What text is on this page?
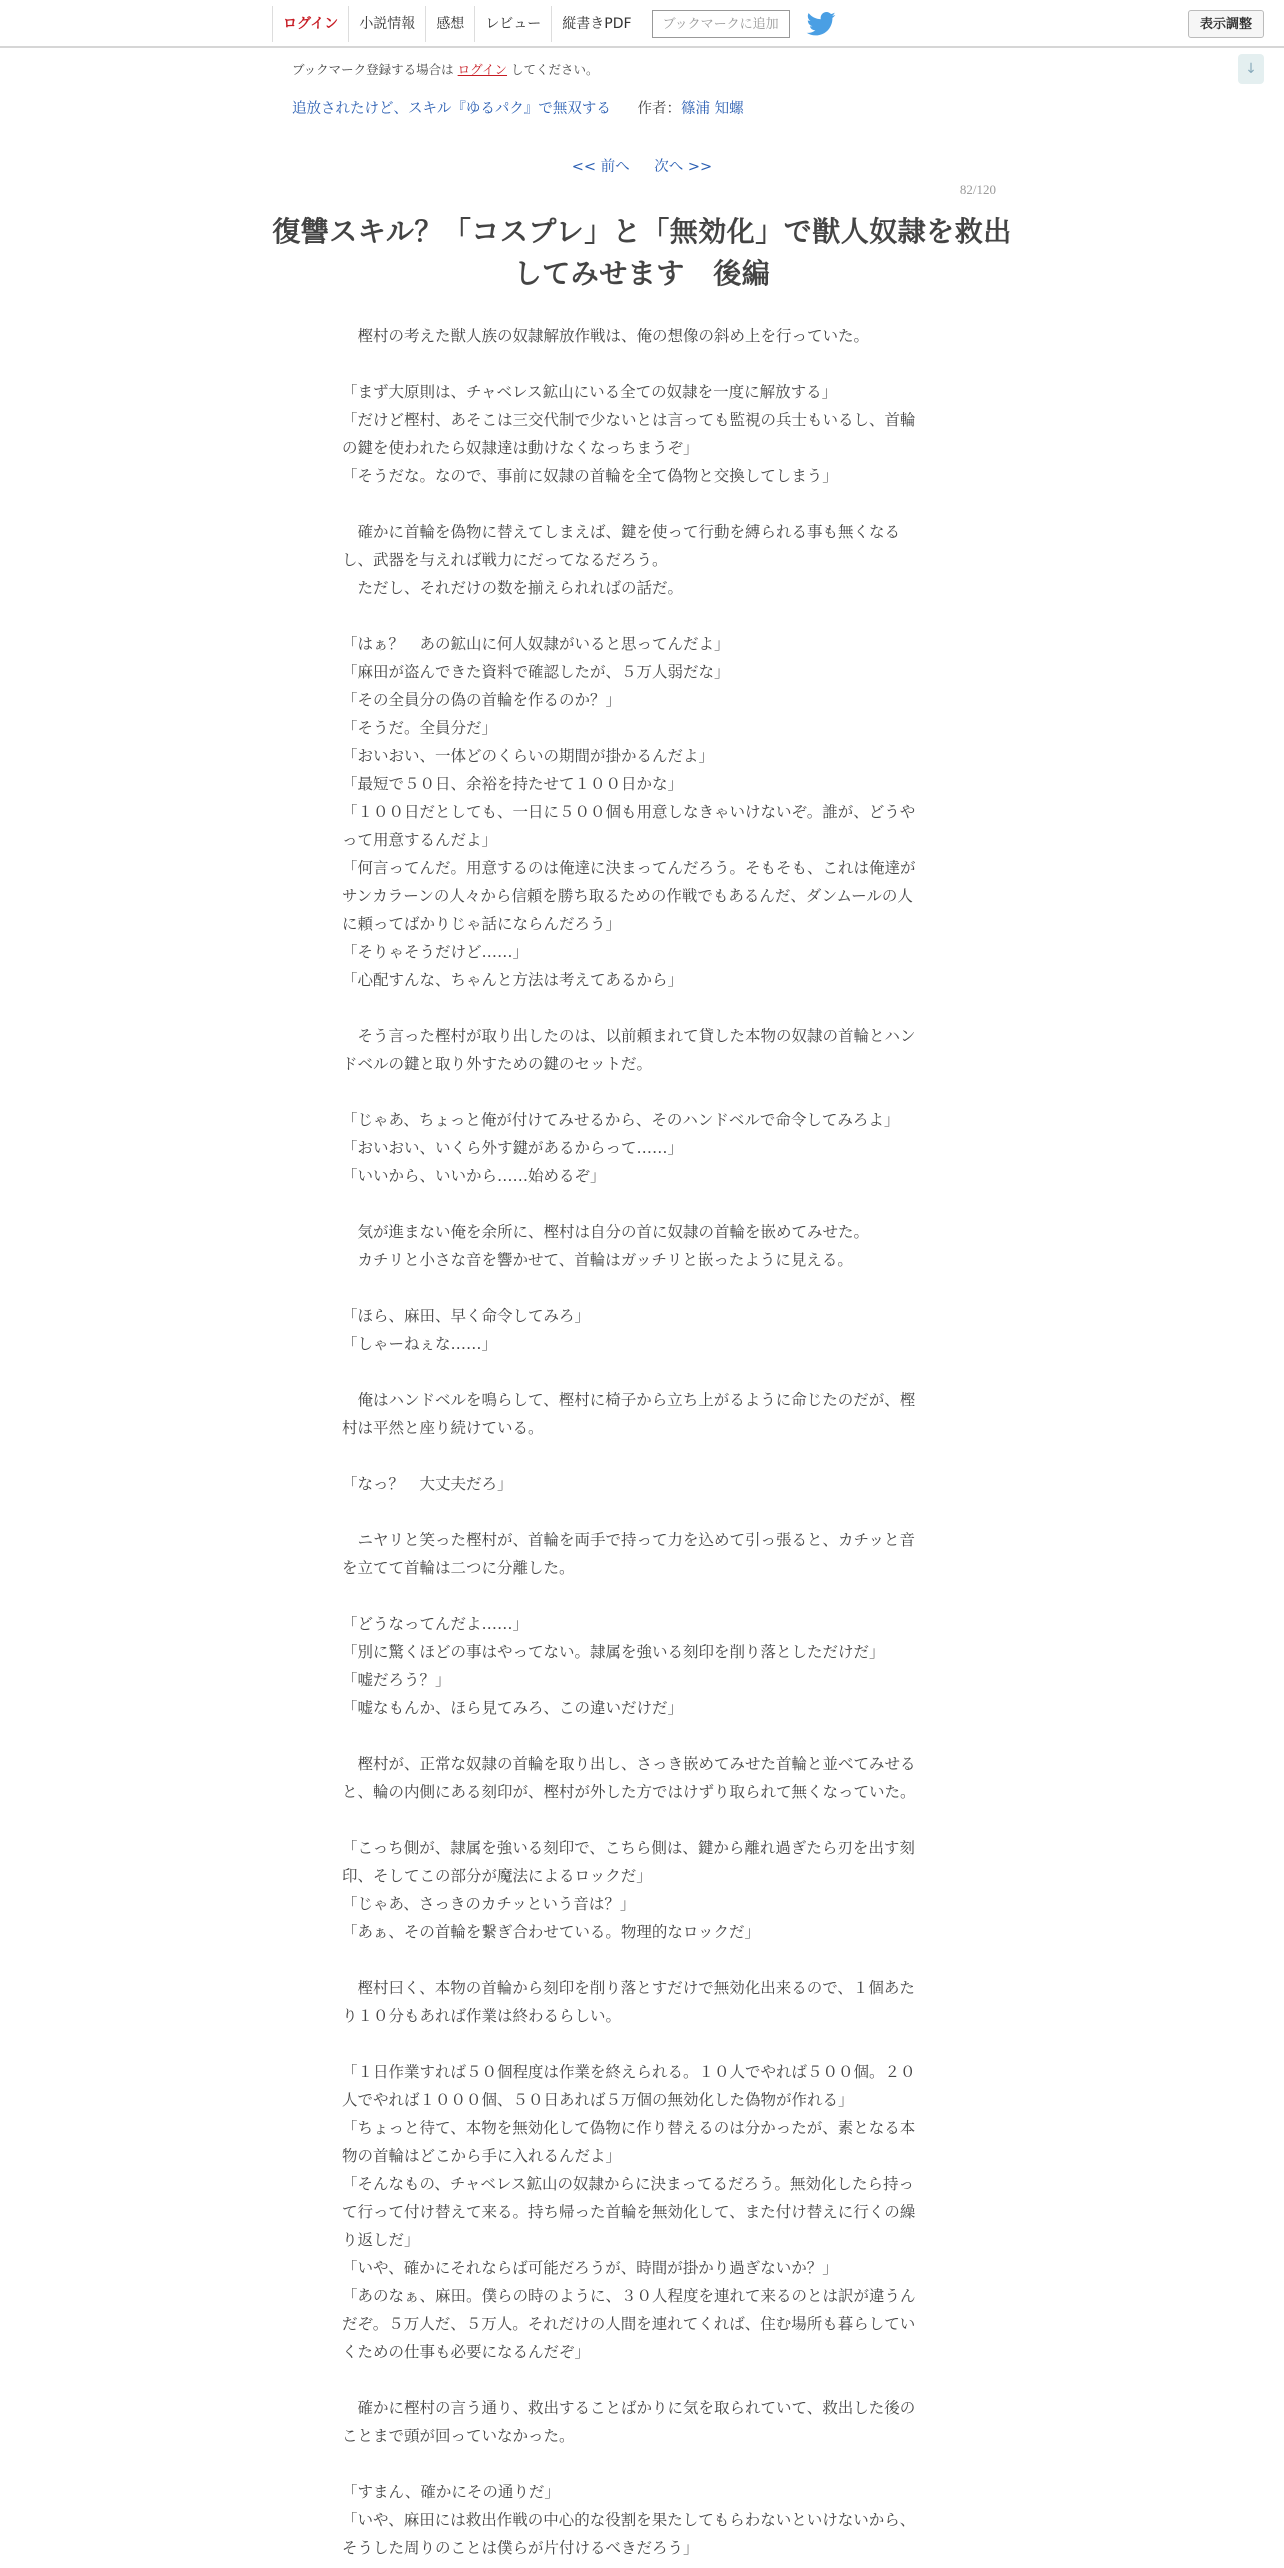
ログイン	小説情報	感想	レビュー	縦書きPDF	ブックマークに追加	表示調整
↓
ブックマーク登録する場合は ログイン してください。
追放されたけど、スキル『ゆるパク』で無双する 作者：篠浦 知螺
<< 前へ 次へ >>
82/120
復讐スキル？「コスプレ」と「無効化」で獣人奴隷を救出
してみせます　後編

　樫村の考えた獣人族の奴隷解放作戦は、俺の想像の斜め上を行っていた。

「まず大原則は、チャベレス鉱山にいる全ての奴隷を一度に解放する」

「だけど樫村、あそこは三交代制で少ないとは言っても監視の兵士もいるし、首輪

の鍵を使われたら奴隷達は動けなくなっちまうぞ」

「そうだな。なので、事前に奴隷の首輪を全て偽物と交換してしまう」

　確かに首輪を偽物に替えてしまえば、鍵を使って行動を縛られる事も無くなる

し、武器を与えれば戦力にだってなるだろう。

　ただし、それだけの数を揃えられればの話だ。

「はぁ？　あの鉱山に何人奴隷がいると思ってんだよ」

「麻田が盗んできた資料で確認したが、５万人弱だな」

「その全員分の偽の首輪を作るのか？」

「そうだ。全員分だ」

「おいおい、一体どのくらいの期間が掛かるんだよ」

「最短で５０日、余裕を持たせて１００日かな」

「１００日だとしても、一日に５００個も用意しなきゃいけないぞ。誰が、どうや

って用意するんだよ」

「何言ってんだ。用意するのは俺達に決まってんだろう。そもそも、これは俺達が

サンカラーンの人々から信頼を勝ち取るための作戦でもあるんだ、ダンムールの人

に頼ってばかりじゃ話にならんだろう」

「そりゃそうだけど……」

「心配すんな、ちゃんと方法は考えてあるから」

　そう言った樫村が取り出したのは、以前頼まれて貸した本物の奴隷の首輪とハン

ドベルの鍵と取り外すための鍵のセットだ。

「じゃあ、ちょっと俺が付けてみせるから、そのハンドベルで命令してみろよ」

「おいおい、いくら外す鍵があるからって……」

「いいから、いいから……始めるぞ」

　気が進まない俺を余所に、樫村は自分の首に奴隷の首輪を嵌めてみせた。

　カチリと小さな音を響かせて、首輪はガッチリと嵌ったように見える。

「ほら、麻田、早く命令してみろ」

「しゃーねぇな……」

　俺はハンドベルを鳴らして、樫村に椅子から立ち上がるように命じたのだが、樫

村は平然と座り続けている。

「なっ？　大丈夫だろ」

　ニヤリと笑った樫村が、首輪を両手で持って力を込めて引っ張ると、カチッと音

を立てて首輪は二つに分離した。

「どうなってんだよ……」

「別に驚くほどの事はやってない。隷属を強いる刻印を削り落としただけだ」

「嘘だろう？」

「嘘なもんか、ほら見てみろ、この違いだけだ」

　樫村が、正常な奴隷の首輪を取り出し、さっき嵌めてみせた首輪と並べてみせる

と、輪の内側にある刻印が、樫村が外した方ではけずり取られて無くなっていた。

「こっち側が、隷属を強いる刻印で、こちら側は、鍵から離れ過ぎたら刃を出す刻

印、そしてこの部分が魔法によるロックだ」

「じゃあ、さっきのカチッという音は？」

「あぁ、その首輪を繋ぎ合わせている。物理的なロックだ」

　樫村曰く、本物の首輪から刻印を削り落とすだけで無効化出来るので、１個あた

り１０分もあれば作業は終わるらしい。

「１日作業すれば５０個程度は作業を終えられる。１０人でやれば５００個。２０

人でやれば１０００個、５０日あれば５万個の無効化した偽物が作れる」

「ちょっと待て、本物を無効化して偽物に作り替えるのは分かったが、素となる本

物の首輪はどこから手に入れるんだよ」

「そんなもの、チャベレス鉱山の奴隷からに決まってるだろう。無効化したら持っ

て行って付け替えて来る。持ち帰った首輪を無効化して、また付け替えに行くの繰

り返しだ」

「いや、確かにそれならば可能だろうが、時間が掛かり過ぎないか？」

「あのなぁ、麻田。僕らの時のように、３０人程度を連れて来るのとは訳が違うん

だぞ。５万人だ、５万人。それだけの人間を連れてくれば、住む場所も暮らしてい

くための仕事も必要になるんだぞ」

　確かに樫村の言う通り、救出することばかりに気を取られていて、救出した後の

ことまで頭が回っていなかった。

「すまん、確かにその通りだ」

「いや、麻田には救出作戦の中心的な役割を果たしてもらわないといけないから、

そうした周りのことは僕らが片付けるべきだろう」
